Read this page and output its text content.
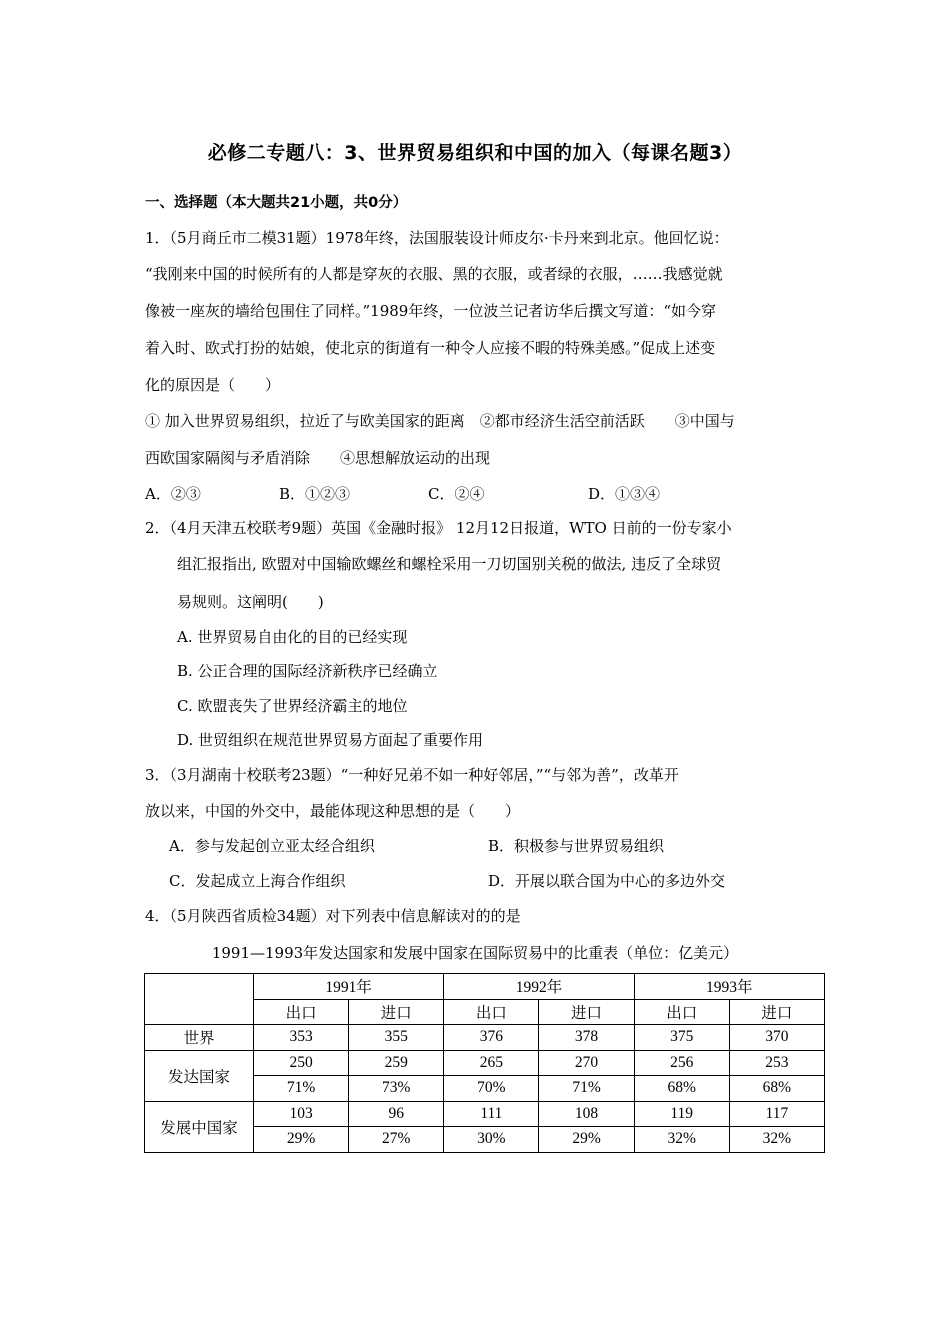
必修二专题八：3、世界贸易组织和中国的加入（每课名题3）
一、选择题（本大题共21小题，共0分）
1．（5月商丘市二模31题）1978年终，法国服装设计师皮尔·卡丹来到北京。他回忆说：
“我刚来中国的时候所有的人都是穿灰的衣服、黑的衣服，或者绿的衣服，……我感觉就
像被一座灰的墙给包围住了同样。”1989年终，一位波兰记者访华后撰文写道：“如今穿
着入时、欧式打扮的姑娘，使北京的街道有一种令人应接不暇的特殊美感。”促成上述变
化的原因是（　　）
① 加入世界贸易组织，拉近了与欧美国家的距离　②都市经济生活空前活跃　　③中国与
西欧国家隔阂与矛盾消除　　④思想解放运动的出现
A．②③	B．①②③	C．②④	D．①③④
2．（4月天津五校联考9题）英国《金融时报》 12月12日报道，WTO 日前的一份专家小
组汇报指出, 欧盟对中国输欧螺丝和螺栓采用一刀切国别关税的做法, 违反了全球贸
易规则。这阐明(　　)
A. 世界贸易自由化的目的已经实现
B. 公正合理的国际经济新秩序已经确立
C. 欧盟丧失了世界经济霸主的地位
D. 世贸组织在规范世界贸易方面起了重要作用
3．（3月湖南十校联考23题）“一种好兄弟不如一种好邻居，”“与邻为善”，改革开
放以来，中国的外交中，最能体现这种思想的是（　　）
A．参与发起创立亚太经合组织	B．积极参与世界贸易组织
C．发起成立上海合作组织	D．开展以联合国为中心的多边外交
4．（5月陕西省质检34题）对下列表中信息解读对的的是
1991—1993年发达国家和发展中国家在国际贸易中的比重表（单位：亿美元）
	1991年		1992年		1993年	
	出口	进口	出口	进口	出口	进口
世界	353	355	376	378	375	370
发达国家	250	259	265	270	256	253
	71%	73%	70%	71%	68%	68%
发展中国家	103	96	111	108	119	117
	29%	27%	30%	29%	32%	32%
